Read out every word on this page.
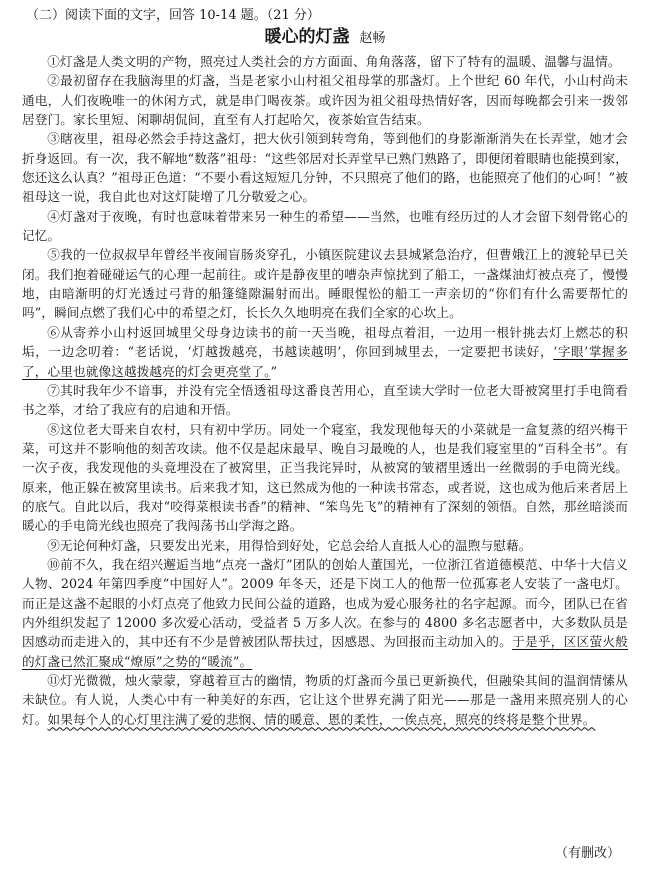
（二）阅读下面的文字，回答 10-14 题。（21 分）
暖心的灯盏 赵畅

①灯盏是人类文明的产物，照亮过人类社会的方方面面、角角落落，留下了特有的温暖、温馨与温情。

②最初留存在我脑海里的灯盏，当是老家小山村祖父祖母掌的那盏灯。上个世纪 60 年代，小山村尚未通电，人们夜晚唯一的休闲方式，就是串门喝夜茶。或许因为祖父祖母热情好客，因而每晚都会引来一拨邻居登门。家长里短、闲聊胡侃间，直至有人打起哈欠，夜茶始宣告结束。

③瞎夜里，祖母必然会手持这盏灯，把大伙引领到转弯角，等到他们的身影渐渐消失在长弄堂，她才会折身返回。有一次，我不解地“数落”祖母：“这些邻居对长弄堂早已熟门熟路了，即便闭着眼睛也能摸到家，您还这么认真？”祖母正色道：“不要小看这短短几分钟，不只照亮了他们的路，也能照亮了他们的心呵！”被祖母这一说，我自此也对这灯陡增了几分敬爱之心。

④灯盏对于夜晚，有时也意味着带来另一种生的希望——当然，也唯有经历过的人才会留下刻骨铭心的记忆。

⑤我的一位叔叔早年曾经半夜闹盲肠炎穿孔，小镇医院建议去县城紧急治疗，但曹娥江上的渡轮早已关闭。我们抱着碰碰运气的心理一起前往。或许是静夜里的嘈杂声惊扰到了船工，一盏煤油灯被点亮了，慢慢地，由暗渐明的灯光透过弓背的船篷缝隙漏射而出。睡眼惺忪的船工一声亲切的“你们有什么需要帮忙的吗”，瞬间点燃了我们心中的希望之灯，长长久久地明亮在我们全家的心坎上。

⑥从寄养小山村返回城里父母身边读书的前一天当晚，祖母点着泪，一边用一根针挑去灯上燃芯的积垢，一边念叨着：“老话说，‘灯越拨越亮，书越读越明’，你回到城里去，一定要把书读好，‘字眼’掌握多了，心里也就像这越拨越亮的灯会更亮堂了。”

⑦其时我年少不谙事，并没有完全悟透祖母这番良苦用心，直至读大学时一位老大哥被窝里打手电筒看书之举，才给了我应有的启迪和开悟。

⑧这位老大哥来自农村，只有初中学历。同处一个寝室，我发现他每天的小菜就是一盒复蒸的绍兴梅干菜，可这并不影响他的刻苦攻读。他不仅是起床最早、晚自习最晚的人，也是我们寝室里的“百科全书”。有一次子夜，我发现他的头竟埋没在了被窝里，正当我诧异时，从被窝的皱褶里透出一丝微弱的手电筒光线。原来，他正躲在被窝里读书。后来我才知，这已然成为他的一种读书常态，或者说，这也成为他后来者居上的底气。自此以后，我对“咬得菜根读书香”的精神、“笨鸟先飞”的精神有了深刻的领悟。自然，那丝暗淡而暖心的手电筒光线也照亮了我闯荡书山学海之路。

⑨无论何种灯盏，只要发出光来，用得恰到好处，它总会给人直抵人心的温煦与慰藉。

⑩前不久，我在绍兴邂逅当地“点亮一盏灯”团队的创始人董国光，一位浙江省道德模范、中华十大信义人物、2024 年第四季度“中国好人”。2009 年冬天，还是下岗工人的他帮一位孤寡老人安装了一盏电灯。而正是这盏不起眼的小灯点亮了他致力民间公益的道路，也成为爱心服务社的名字起源。而今，团队已在省内外组织发起了 12000 多次爱心活动，受益者 5 万多人次。在参与的 4800 多名志愿者中，大多数队员是因感动而走进入的，其中还有不少是曾被团队帮扶过，因感恩、为回报而主动加入的。于是乎，区区萤火般的灯盏已然汇聚成“燎原”之势的“暖流”。

⑪灯光微微，烛火蒙蒙，穿越着亘古的幽情，物质的灯盏而今虽已更新换代，但融染其间的温润情愫从未缺位。有人说，人类心中有一种美好的东西，它让这个世界充满了阳光——那是一盏用来照亮别人的心灯。如果每个人的心灯里注满了爱的悲悯、情的暖意、恩的柔性，一俟点亮，照亮的终将是整个世界。

（有删改）
